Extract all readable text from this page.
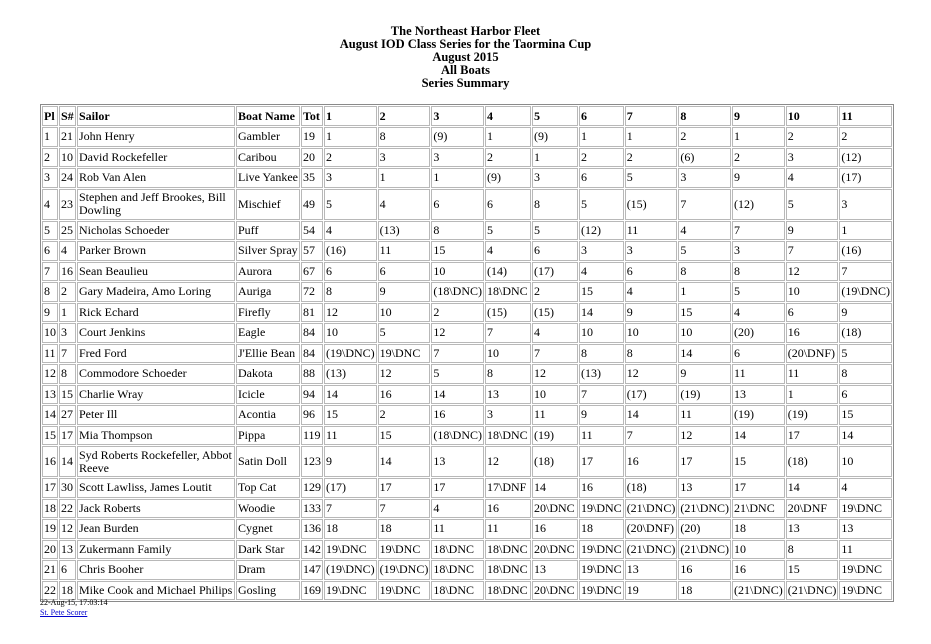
The Northeast Harbor Fleet
August IOD Class Series for the Taormina Cup
August 2015
All Boats
Series Summary
Pl	S#	Sailor	Boat Name	Tot	1	2	3	4	5	6	7	8	9	10	11
1	21	John Henry	Gambler	19	1	8	(9)	1	(9)	1	1	2	1	2	2
2	10	David Rockefeller	Caribou	20	2	3	3	2	1	2	2	(6)	2	3	(12)
3	24	Rob Van Alen	Live Yankee	35	3	1	1	(9)	3	6	5	3	9	4	(17)
4	23	Stephen and Jeff Brookes, Bill Dowling	Mischief	49	5	4	6	6	8	5	(15)	7	(12)	5	3
5	25	Nicholas Schoeder	Puff	54	4	(13)	8	5	5	(12)	11	4	7	9	1
6	4	Parker Brown	Silver Spray	57	(16)	11	15	4	6	3	3	5	3	7	(16)
7	16	Sean Beaulieu	Aurora	67	6	6	10	(14)	(17)	4	6	8	8	12	7
8	2	Gary Madeira, Amo Loring	Auriga	72	8	9	(18\DNC)	18\DNC	2	15	4	1	5	10	(19\DNC)
9	1	Rick Echard	Firefly	81	12	10	2	(15)	(15)	14	9	15	4	6	9
10	3	Court Jenkins	Eagle	84	10	5	12	7	4	10	10	10	(20)	16	(18)
11	7	Fred Ford	J'Ellie Bean	84	(19\DNC)	19\DNC	7	10	7	8	8	14	6	(20\DNF)	5
12	8	Commodore Schoeder	Dakota	88	(13)	12	5	8	12	(13)	12	9	11	11	8
13	15	Charlie Wray	Icicle	94	14	16	14	13	10	7	(17)	(19)	13	1	6
14	27	Peter Ill	Acontia	96	15	2	16	3	11	9	14	11	(19)	(19)	15
15	17	Mia Thompson	Pippa	119	11	15	(18\DNC)	18\DNC	(19)	11	7	12	14	17	14
16	14	Syd Roberts Rockefeller, Abbot Reeve	Satin Doll	123	9	14	13	12	(18)	17	16	17	15	(18)	10
17	30	Scott Lawliss, James Loutit	Top Cat	129	(17)	17	17	17\DNF	14	16	(18)	13	17	14	4
18	22	Jack Roberts	Woodie	133	7	7	4	16	20\DNC	19\DNC	(21\DNC)	(21\DNC)	21\DNC	20\DNF	19\DNC
19	12	Jean Burden	Cygnet	136	18	18	11	11	16	18	(20\DNF)	(20)	18	13	13
20	13	Zukermann Family	Dark Star	142	19\DNC	19\DNC	18\DNC	18\DNC	20\DNC	19\DNC	(21\DNC)	(21\DNC)	10	8	11
21	6	Chris Booher	Dram	147	(19\DNC)	(19\DNC)	18\DNC	18\DNC	13	19\DNC	13	16	16	15	19\DNC
22	18	Mike Cook and Michael Philips	Gosling	169	19\DNC	19\DNC	18\DNC	18\DNC	20\DNC	19\DNC	19	18	(21\DNC)	(21\DNC)	19\DNC
22-Aug-15, 17:03:14
St. Pete Scorer
